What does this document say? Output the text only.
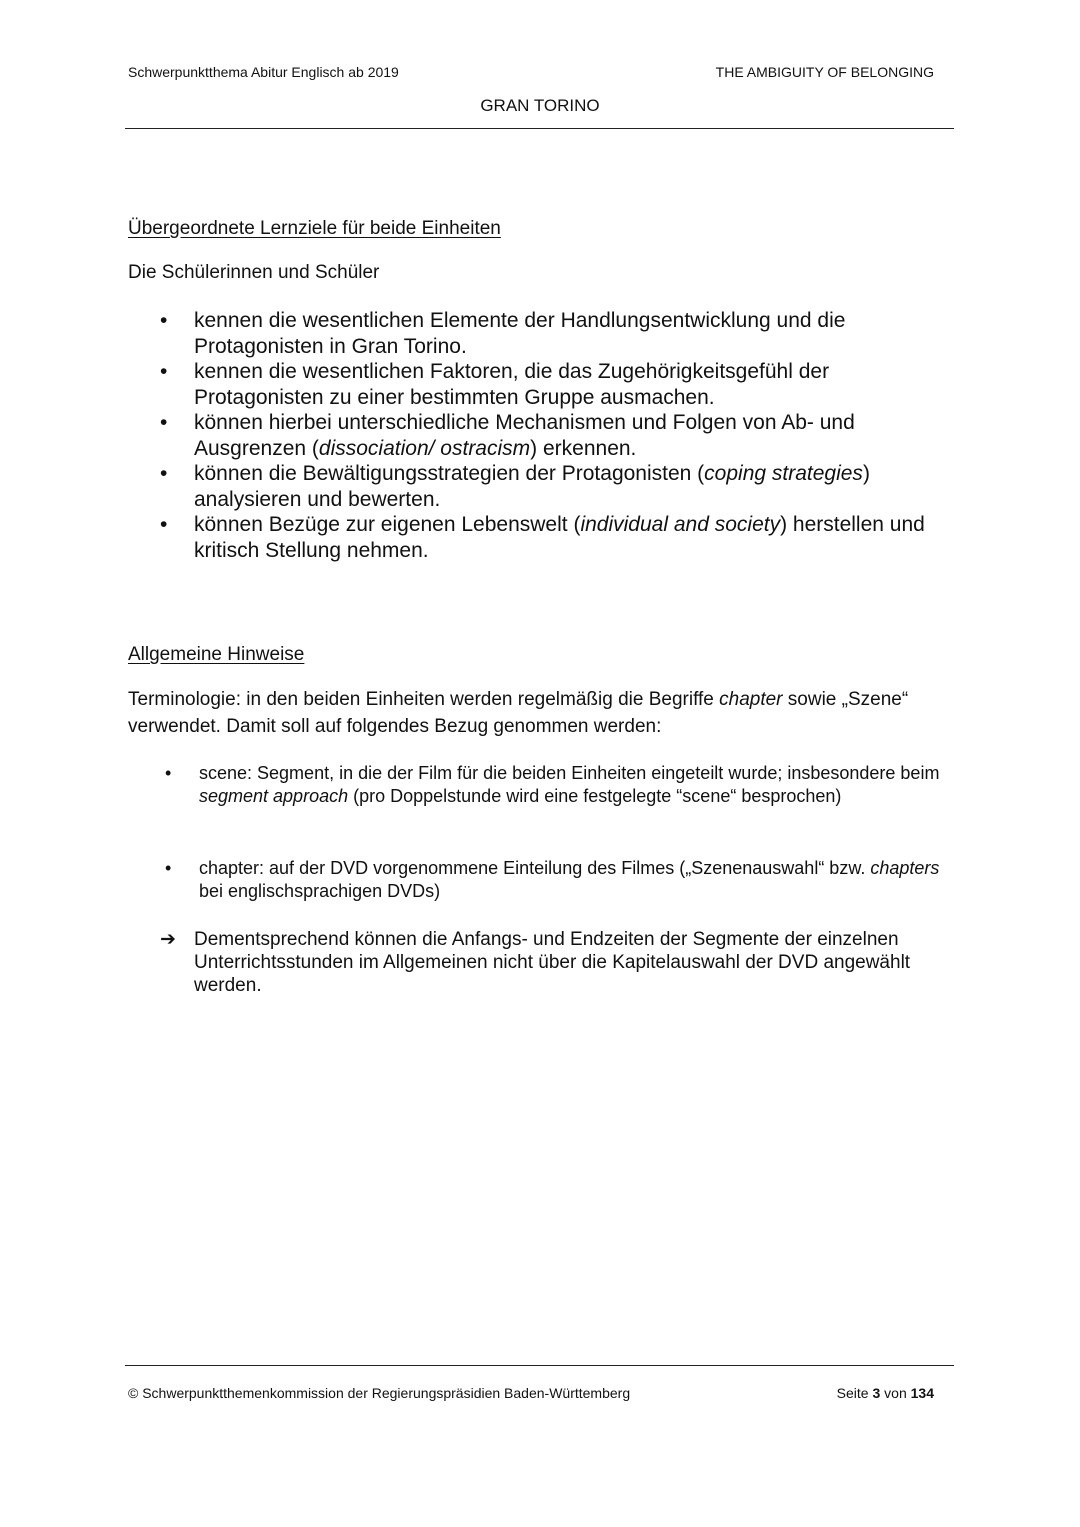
Schwerpunktthema Abitur Englisch ab 2019	THE AMBIGUITY OF BELONGING
GRAN TORINO
Übergeordnete Lernziele für beide Einheiten
Die Schülerinnen und Schüler
• kennen die wesentlichen Elemente der Handlungsentwicklung und die Protagonisten in Gran Torino.
• kennen die wesentlichen Faktoren, die das Zugehörigkeitsgefühl der Protagonisten zu einer bestimmten Gruppe ausmachen.
• können hierbei unterschiedliche Mechanismen und Folgen von Ab- und Ausgrenzen (dissociation/ ostracism) erkennen.
• können die Bewältigungsstrategien der Protagonisten (coping strategies) analysieren und bewerten.
• können Bezüge zur eigenen Lebenswelt (individual and society) herstellen und kritisch Stellung nehmen.
Allgemeine Hinweise
Terminologie: in den beiden Einheiten werden regelmäßig die Begriffe chapter sowie „Szene“ verwendet. Damit soll auf folgendes Bezug genommen werden:
• scene: Segment, in die der Film für die beiden Einheiten eingeteilt wurde; insbesondere beim segment approach (pro Doppelstunde wird eine festgelegte “scene“ besprochen)
• chapter: auf der DVD vorgenommene Einteilung des Filmes („Szenenauswahl“ bzw. chapters bei englischsprachigen DVDs)
➔ Dementsprechend können die Anfangs- und Endzeiten der Segmente der einzelnen Unterrichtsstunden im Allgemeinen nicht über die Kapitelauswahl der DVD angewählt werden.
© Schwerpunktthemenkommission der Regierungspräsidien Baden-Württemberg	Seite 3 von 134
